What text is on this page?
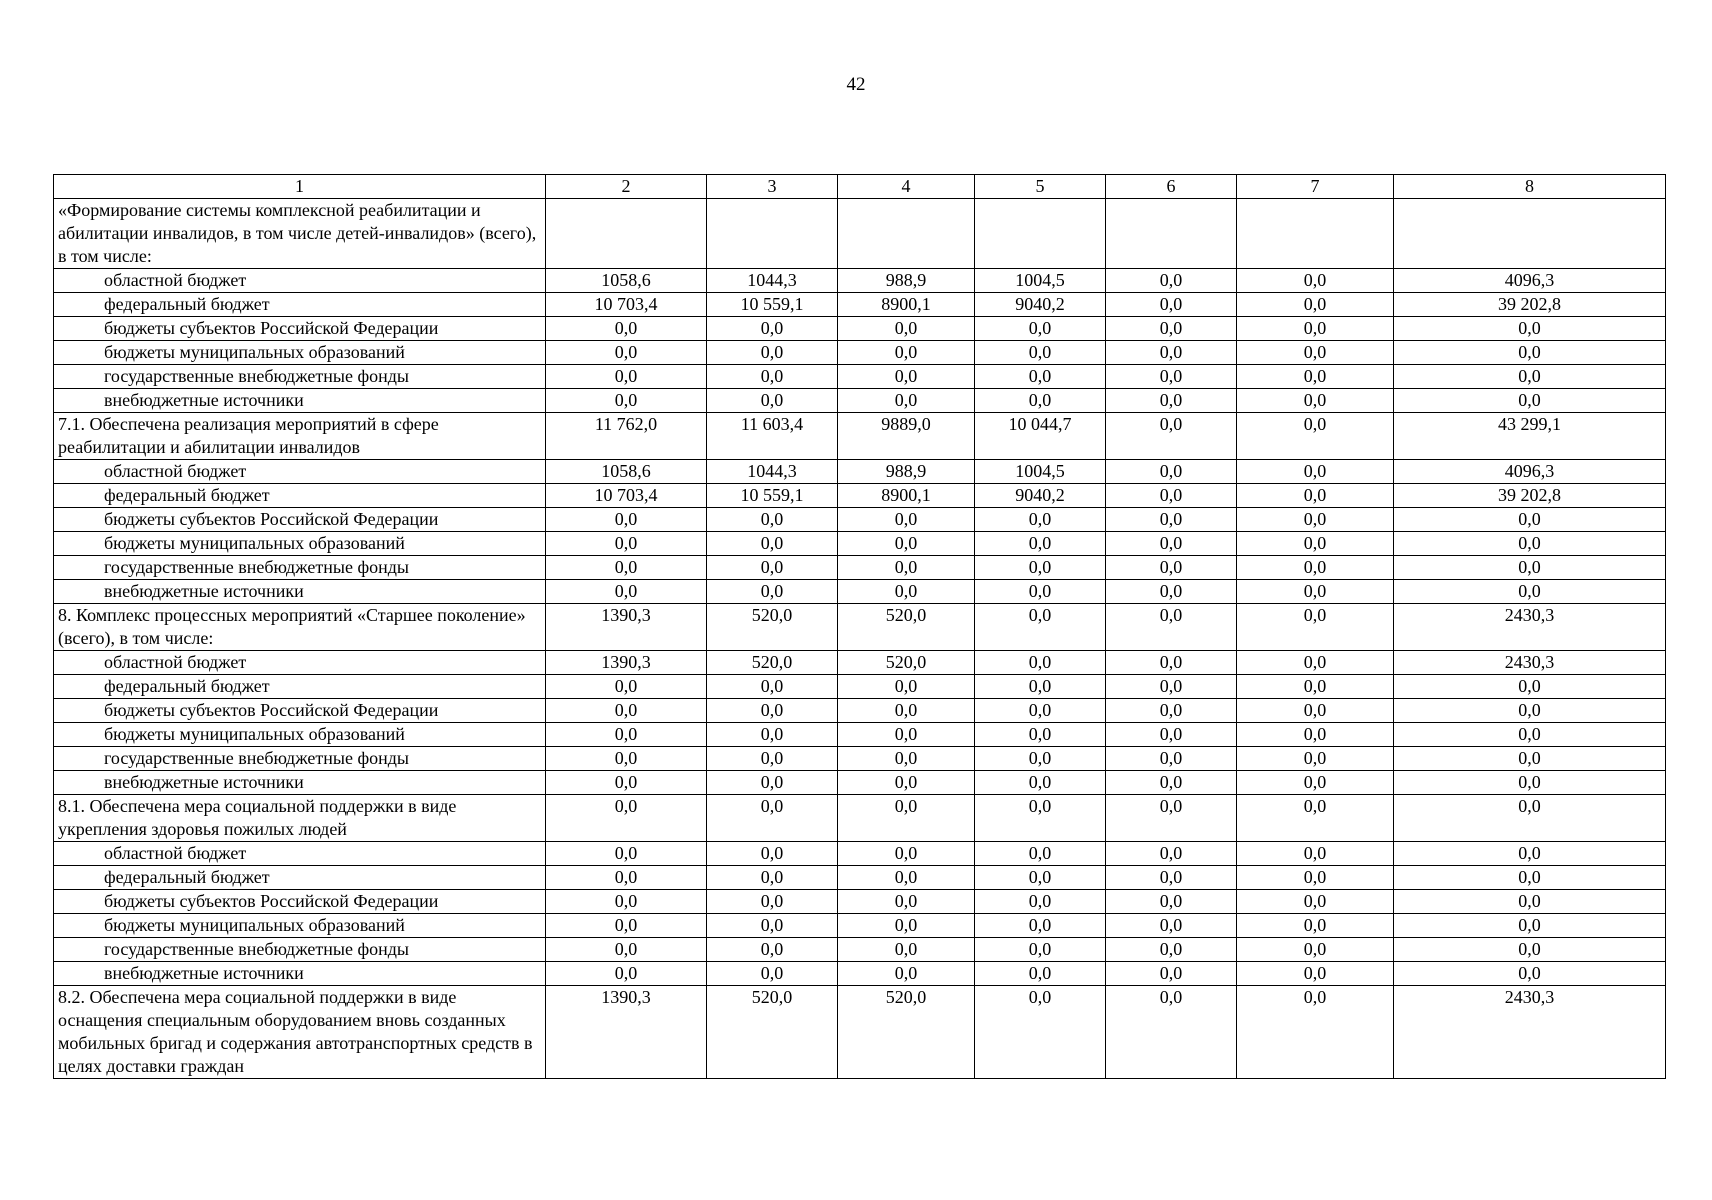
42
1	2	3	4	5	6	7	8
«Формирование системы комплексной реабилитации и абилитации инвалидов, в том числе детей-инвалидов» (всего), в том числе:							
областной бюджет	1058,6	1044,3	988,9	1004,5	0,0	0,0	4096,3
федеральный бюджет	10 703,4	10 559,1	8900,1	9040,2	0,0	0,0	39 202,8
бюджеты субъектов Российской Федерации	0,0	0,0	0,0	0,0	0,0	0,0	0,0
бюджеты муниципальных образований	0,0	0,0	0,0	0,0	0,0	0,0	0,0
государственные внебюджетные фонды	0,0	0,0	0,0	0,0	0,0	0,0	0,0
внебюджетные источники	0,0	0,0	0,0	0,0	0,0	0,0	0,0
7.1. Обеспечена реализация мероприятий в сфере реабилитации и абилитации инвалидов	11 762,0	11 603,4	9889,0	10 044,7	0,0	0,0	43 299,1
областной бюджет	1058,6	1044,3	988,9	1004,5	0,0	0,0	4096,3
федеральный бюджет	10 703,4	10 559,1	8900,1	9040,2	0,0	0,0	39 202,8
бюджеты субъектов Российской Федерации	0,0	0,0	0,0	0,0	0,0	0,0	0,0
бюджеты муниципальных образований	0,0	0,0	0,0	0,0	0,0	0,0	0,0
государственные внебюджетные фонды	0,0	0,0	0,0	0,0	0,0	0,0	0,0
внебюджетные источники	0,0	0,0	0,0	0,0	0,0	0,0	0,0
8. Комплекс процессных мероприятий «Старшее поколение» (всего), в том числе:	1390,3	520,0	520,0	0,0	0,0	0,0	2430,3
областной бюджет	1390,3	520,0	520,0	0,0	0,0	0,0	2430,3
федеральный бюджет	0,0	0,0	0,0	0,0	0,0	0,0	0,0
бюджеты субъектов Российской Федерации	0,0	0,0	0,0	0,0	0,0	0,0	0,0
бюджеты муниципальных образований	0,0	0,0	0,0	0,0	0,0	0,0	0,0
государственные внебюджетные фонды	0,0	0,0	0,0	0,0	0,0	0,0	0,0
внебюджетные источники	0,0	0,0	0,0	0,0	0,0	0,0	0,0
8.1. Обеспечена мера социальной поддержки в виде укрепления здоровья пожилых людей	0,0	0,0	0,0	0,0	0,0	0,0	0,0
областной бюджет	0,0	0,0	0,0	0,0	0,0	0,0	0,0
федеральный бюджет	0,0	0,0	0,0	0,0	0,0	0,0	0,0
бюджеты субъектов Российской Федерации	0,0	0,0	0,0	0,0	0,0	0,0	0,0
бюджеты муниципальных образований	0,0	0,0	0,0	0,0	0,0	0,0	0,0
государственные внебюджетные фонды	0,0	0,0	0,0	0,0	0,0	0,0	0,0
внебюджетные источники	0,0	0,0	0,0	0,0	0,0	0,0	0,0
8.2. Обеспечена мера социальной поддержки в виде оснащения специальным оборудованием вновь созданных мобильных бригад и содержания автотранспортных средств в целях доставки граждан	1390,3	520,0	520,0	0,0	0,0	0,0	2430,3
